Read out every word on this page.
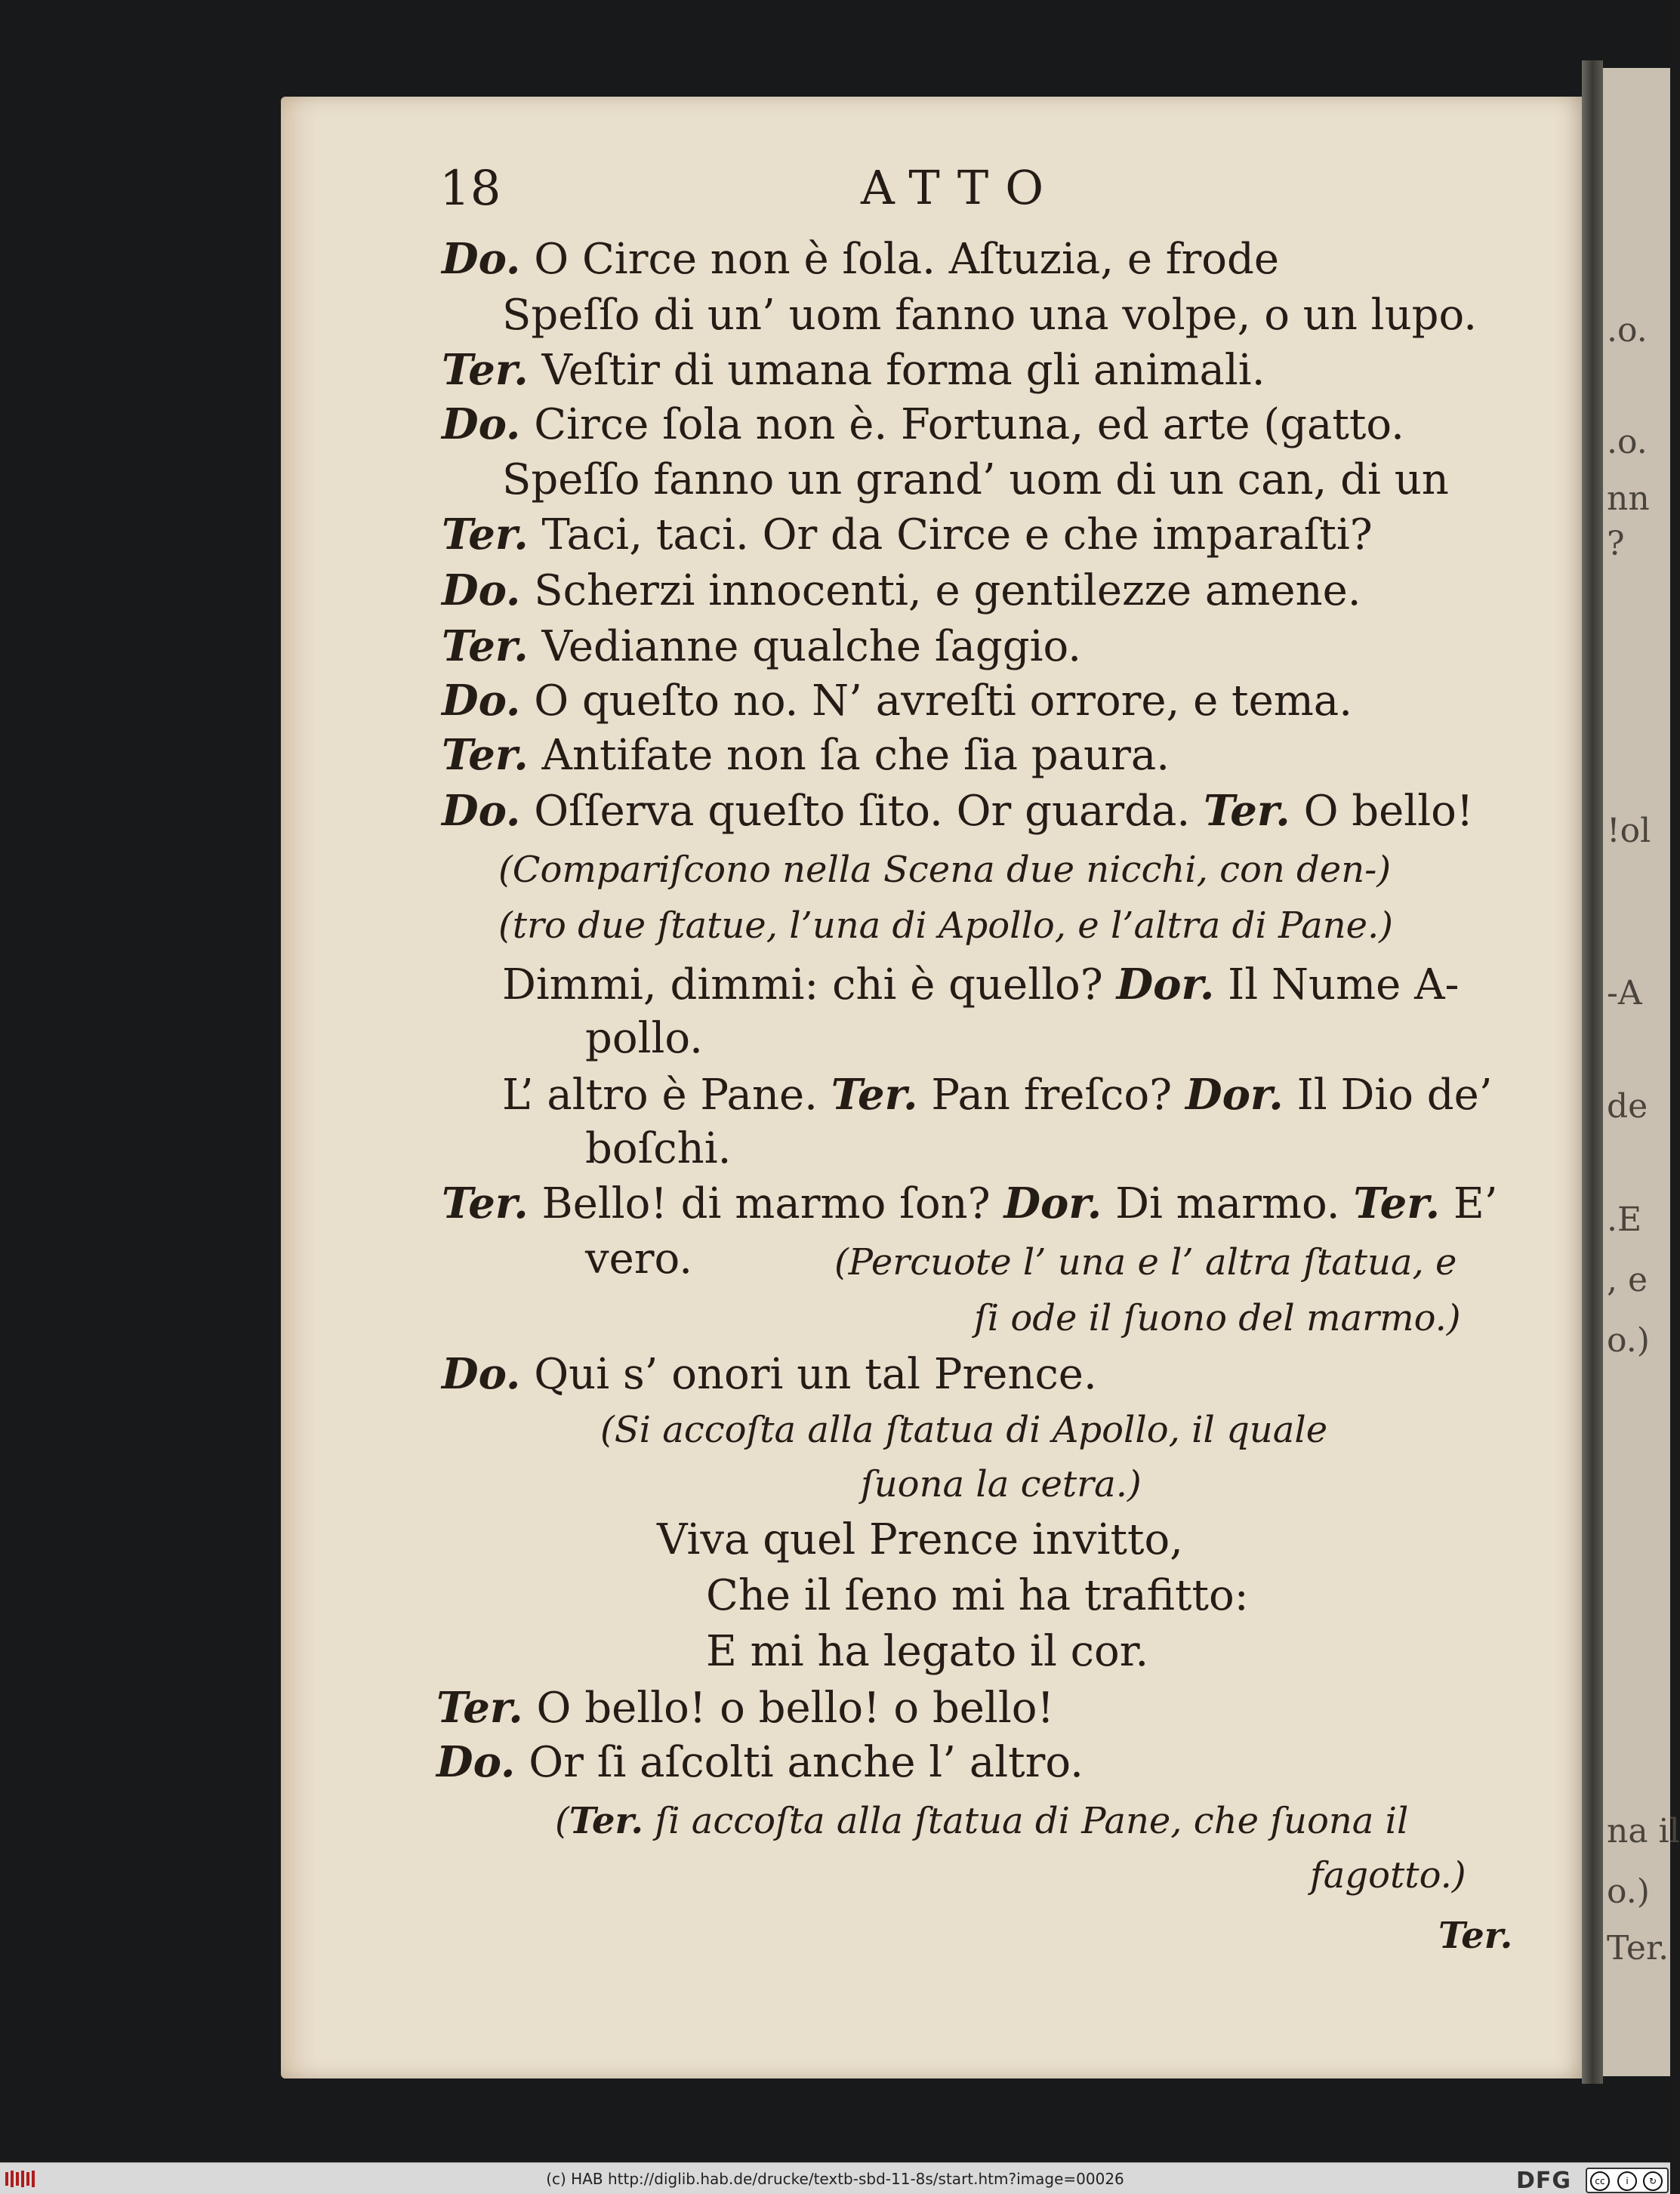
.o.
.o.
nn
?
!ol
-A
de
.E
, e
o.)
na il
o.)
Ter.
18	ATTO
Do. O Circe non è ſola. Aſtuzia, e frode
Speſſo di un’ uom fanno una volpe, o un lupo.
Ter. Veſtir di umana forma gli animali.
Do. Circe ſola non è. Fortuna, ed arte (gatto.
Speſſo fanno un grand’ uom di un can, di un
Ter. Taci, taci. Or da Circe e che imparaſti?
Do. Scherzi innocenti, e gentilezze amene.
Ter. Vedianne qualche ſaggio.
Do. O queſto no. N’ avreſti orrore, e tema.
Ter. Antifate non ſa che ſia paura.
Do. Oſſerva queſto ſito. Or guarda. Ter. O bello!
(Compariſcono nella Scena due nicchi, con den-)
(tro due ſtatue, l’una di Apollo, e l’altra di Pane.)
Dimmi, dimmi: chi è quello? Dor. Il Nume A-
pollo.
L’ altro è Pane. Ter. Pan freſco? Dor. Il Dio de’
boſchi.
Ter. Bello! di marmo ſon? Dor. Di marmo. Ter. E’
vero.	(Percuote l’ una e l’ altra ſtatua, e
ſi ode il ſuono del marmo.)
Do. Qui s’ onori un tal Prence.
(Si accoſta alla ſtatua di Apollo, il quale
ſuona la cetra.)
Viva quel Prence invitto,
Che il ſeno mi ha trafitto:
E mi ha legato il cor.
Ter. O bello! o bello! o bello!
Do. Or ſi aſcolti anche l’ altro.
(Ter. ſi accoſta alla ſtatua di Pane, che ſuona il
fagotto.)
Ter.
(c) HAB http://diglib.hab.de/drucke/textb-sbd-11-8s/start.htm?image=00026	DFG	cc	i	↻
